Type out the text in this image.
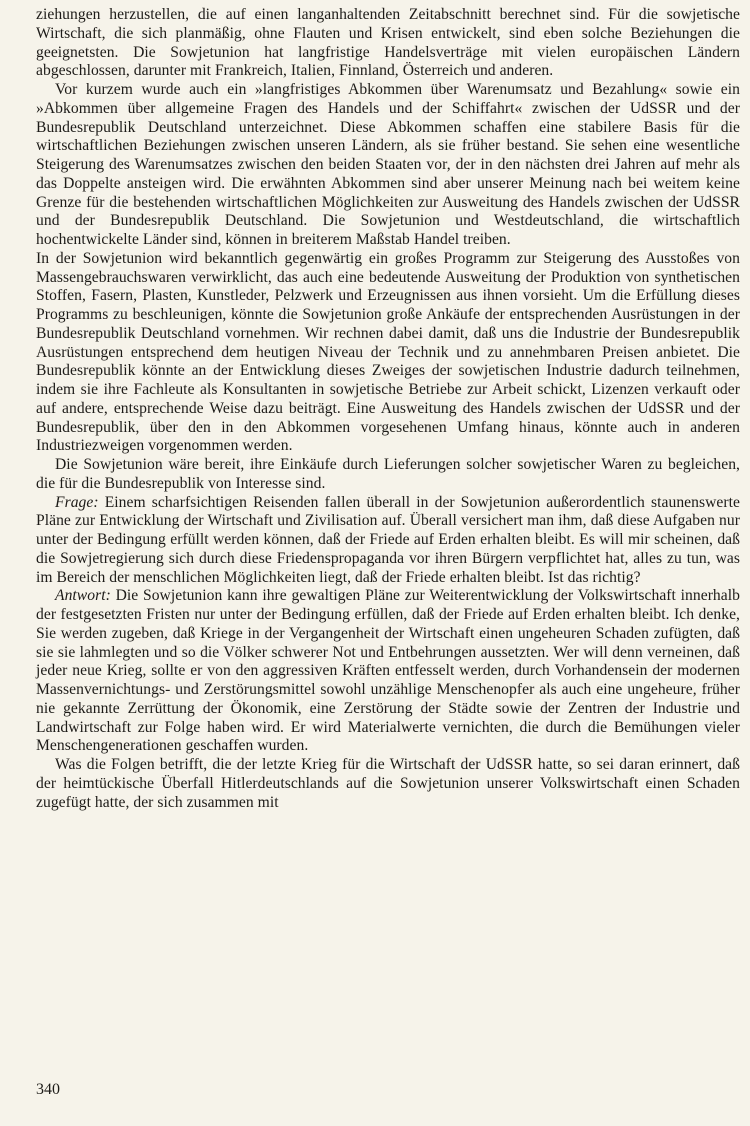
ziehungen herzustellen, die auf einen langanhaltenden Zeitabschnitt berechnet sind. Für die sowjetische Wirtschaft, die sich planmäßig, ohne Flauten und Krisen entwickelt, sind eben solche Beziehungen die geeignetsten. Die Sowjetunion hat langfristige Handelsverträge mit vielen europäischen Ländern abgeschlossen, darunter mit Frankreich, Italien, Finnland, Österreich und anderen.

Vor kurzem wurde auch ein »langfristiges Abkommen über Warenumsatz und Bezahlung« sowie ein »Abkommen über allgemeine Fragen des Handels und der Schiffahrt« zwischen der UdSSR und der Bundesrepublik Deutschland unterzeichnet. Diese Abkommen schaffen eine stabilere Basis für die wirtschaftlichen Beziehungen zwischen unseren Ländern, als sie früher bestand. Sie sehen eine wesentliche Steigerung des Warenumsatzes zwischen den beiden Staaten vor, der in den nächsten drei Jahren auf mehr als das Doppelte ansteigen wird. Die erwähnten Abkommen sind aber unserer Meinung nach bei weitem keine Grenze für die bestehenden wirtschaftlichen Möglichkeiten zur Ausweitung des Handels zwischen der UdSSR und der Bundesrepublik Deutschland. Die Sowjetunion und Westdeutschland, die wirtschaftlich hochentwickelte Länder sind, können in breiterem Maßstab Handel treiben.

In der Sowjetunion wird bekanntlich gegenwärtig ein großes Programm zur Steigerung des Ausstoßes von Massengebrauchswaren verwirklicht, das auch eine bedeutende Ausweitung der Produktion von synthetischen Stoffen, Fasern, Plasten, Kunstleder, Pelzwerk und Erzeugnissen aus ihnen vorsieht. Um die Erfüllung dieses Programms zu beschleunigen, könnte die Sowjetunion große Ankäufe der entsprechenden Ausrüstungen in der Bundesrepublik Deutschland vornehmen. Wir rechnen dabei damit, daß uns die Industrie der Bundesrepublik Ausrüstungen entsprechend dem heutigen Niveau der Technik und zu annehmbaren Preisen anbietet. Die Bundesrepublik könnte an der Entwicklung dieses Zweiges der sowjetischen Industrie dadurch teilnehmen, indem sie ihre Fachleute als Konsultanten in sowjetische Betriebe zur Arbeit schickt, Lizenzen verkauft oder auf andere, entsprechende Weise dazu beiträgt. Eine Ausweitung des Handels zwischen der UdSSR und der Bundesrepublik, über den in den Abkommen vorgesehenen Umfang hinaus, könnte auch in anderen Industriezweigen vorgenommen werden.

Die Sowjetunion wäre bereit, ihre Einkäufe durch Lieferungen solcher sowjetischer Waren zu begleichen, die für die Bundesrepublik von Interesse sind.

Frage: Einem scharfsichtigen Reisenden fallen überall in der Sowjetunion außerordentlich staunenswerte Pläne zur Entwicklung der Wirtschaft und Zivilisation auf. Überall versichert man ihm, daß diese Aufgaben nur unter der Bedingung erfüllt werden können, daß der Friede auf Erden erhalten bleibt. Es will mir scheinen, daß die Sowjetregierung sich durch diese Friedenspropaganda vor ihren Bürgern verpflichtet hat, alles zu tun, was im Bereich der menschlichen Möglichkeiten liegt, daß der Friede erhalten bleibt. Ist das richtig?

Antwort: Die Sowjetunion kann ihre gewaltigen Pläne zur Weiterentwicklung der Volkswirtschaft innerhalb der festgesetzten Fristen nur unter der Bedingung erfüllen, daß der Friede auf Erden erhalten bleibt. Ich denke, Sie werden zugeben, daß Kriege in der Vergangenheit der Wirtschaft einen ungeheuren Schaden zufügten, daß sie sie lahmlegten und so die Völker schwerer Not und Entbehrungen aussetzten. Wer will denn verneinen, daß jeder neue Krieg, sollte er von den aggressiven Kräften entfesselt werden, durch Vorhandensein der modernen Massenvernichtungs- und Zerstörungsmittel sowohl unzählige Menschenopfer als auch eine ungeheure, früher nie gekannte Zerrüttung der Ökonomik, eine Zerstörung der Städte sowie der Zentren der Industrie und Landwirtschaft zur Folge haben wird. Er wird Materialwerte vernichten, die durch die Bemühungen vieler Menschengenerationen geschaffen wurden.

Was die Folgen betrifft, die der letzte Krieg für die Wirtschaft der UdSSR hatte, so sei daran erinnert, daß der heimtückische Überfall Hitlerdeutschlands auf die Sowjetunion unserer Volkswirtschaft einen Schaden zugefügt hatte, der sich zusammen mit

340
